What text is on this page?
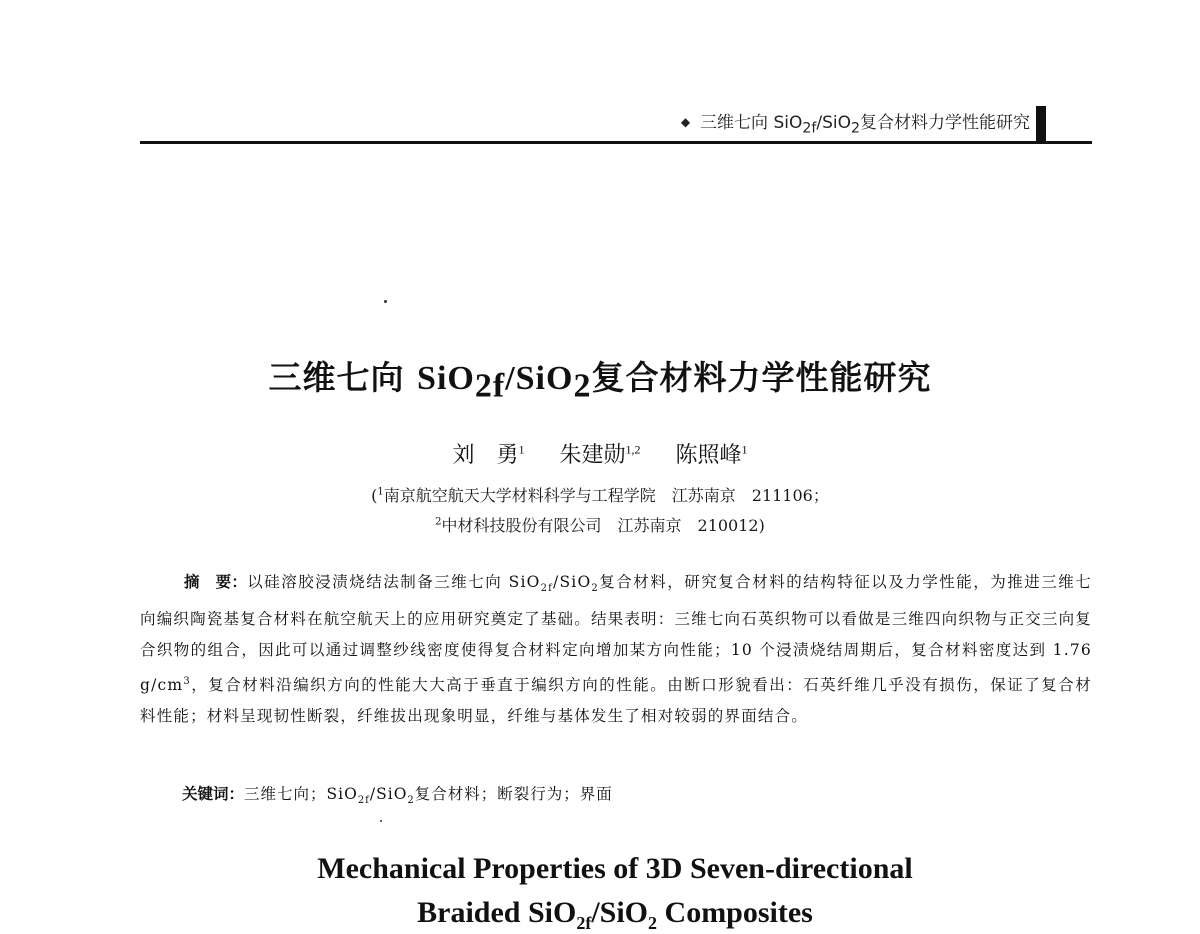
◆ 三维七向 SiO$_{2f}$/SiO$_2$复合材料力学性能研究
三维七向 SiO$_{2f}$/SiO$_2$复合材料力学性能研究
刘　勇$^1$ 朱建勋$^{1,2}$ 陈照峰$^1$
($^1$南京航空航天大学材料科学与工程学院　江苏南京　211106；
$^2$中材科技股份有限公司　江苏南京　210012)
摘　要：以硅溶胶浸渍烧结法制备三维七向 SiO$_{2f}$/SiO$_2$复合材料，研究复合材料的结构特征以及力学性能，为推进三维七向编织陶瓷基复合材料在航空航天上的应用研究奠定了基础。结果表明：三维七向石英织物可以看做是三维四向织物与正交三向复合织物的组合，因此可以通过调整纱线密度使得复合材料定向增加某方向性能；10 个浸渍烧结周期后，复合材料密度达到 1.76 $g/cm^3$，复合材料沿编织方向的性能大大高于垂直于编织方向的性能。由断口形貌看出：石英纤维几乎没有损伤，保证了复合材料性能；材料呈现韧性断裂，纤维拔出现象明显，纤维与基体发生了相对较弱的界面结合。
关键词：三维七向；SiO$_{2f}$/SiO$_2$复合材料；断裂行为；界面
Mechanical Properties of 3D Seven-directional
Braided SiO$_{2f}$/SiO$_2$ Composites
